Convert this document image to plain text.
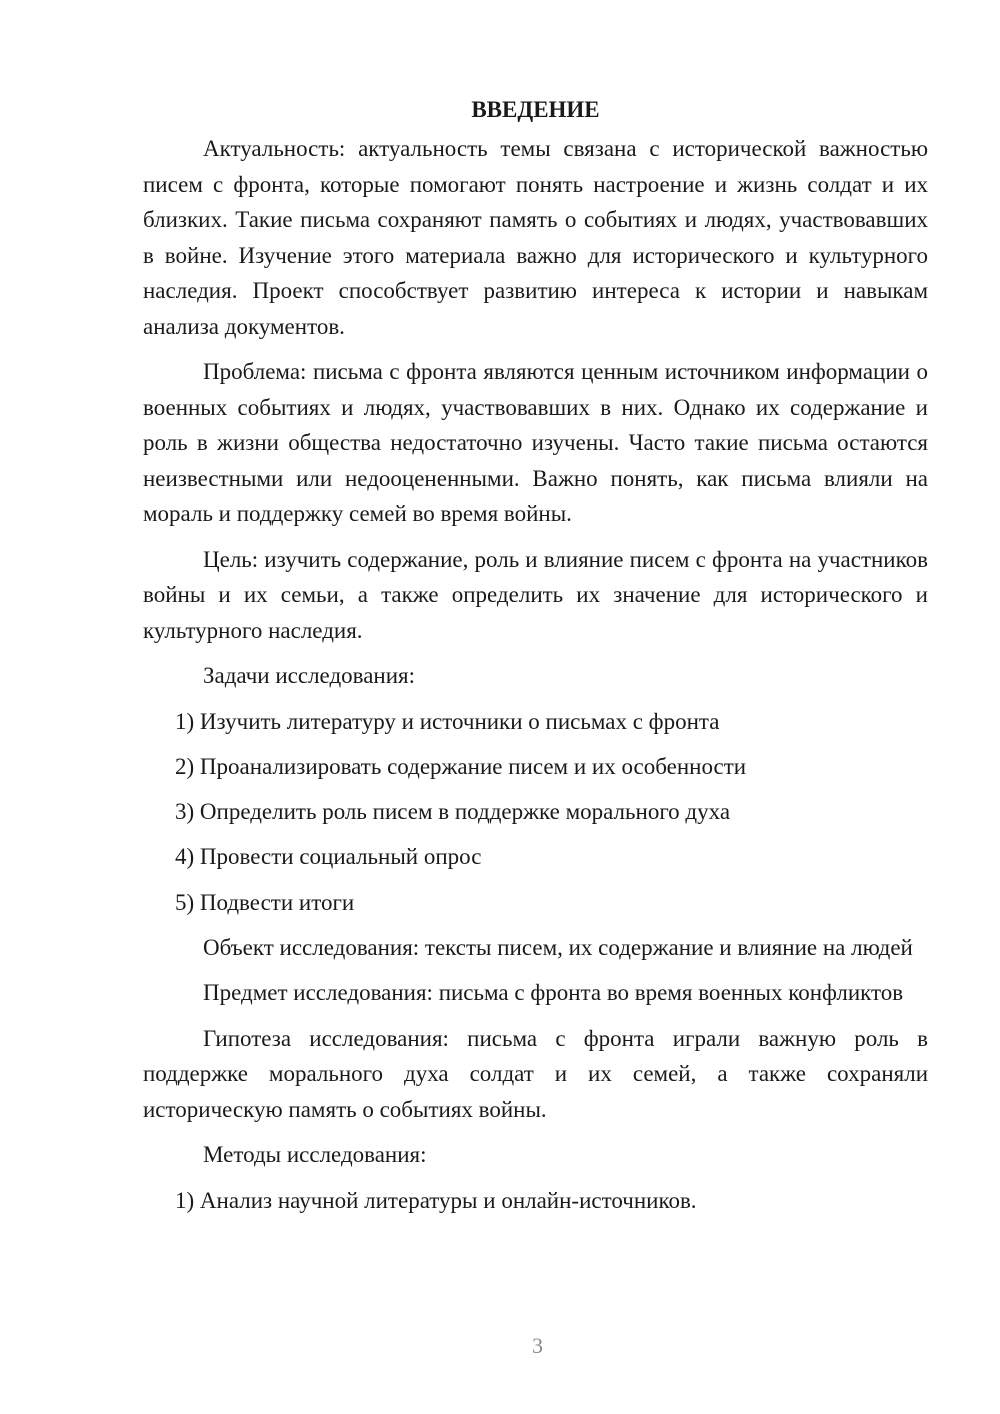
ВВЕДЕНИЕ

Актуальность: актуальность темы связана с исторической важностью писем с фронта, которые помогают понять настроение и жизнь солдат и их близких. Такие письма сохраняют память о событиях и людях, участвовавших в войне. Изучение этого материала важно для исторического и культурного наследия. Проект способствует развитию интереса к истории и навыкам анализа документов.

Проблема: письма с фронта являются ценным источником информации о военных событиях и людях, участвовавших в них. Однако их содержание и роль в жизни общества недостаточно изучены. Часто такие письма остаются неизвестными или недооцененными. Важно понять, как письма влияли на мораль и поддержку семей во время войны.

Цель: изучить содержание, роль и влияние писем с фронта на участников войны и их семьи, а также определить их значение для исторического и культурного наследия.

Задачи исследования:
1) Изучить литературу и источники о письмах с фронта
2) Проанализировать содержание писем и их особенности
3) Определить роль писем в поддержке морального духа
4) Провести социальный опрос
5) Подвести итоги

Объект исследования: тексты писем, их содержание и влияние на людей

Предмет исследования: письма с фронта во время военных конфликтов

Гипотеза исследования: письма с фронта играли важную роль в поддержке морального духа солдат и их семей, а также сохраняли историческую память о событиях войны.

Методы исследования:
1) Анализ научной литературы и онлайн-источников.
3
